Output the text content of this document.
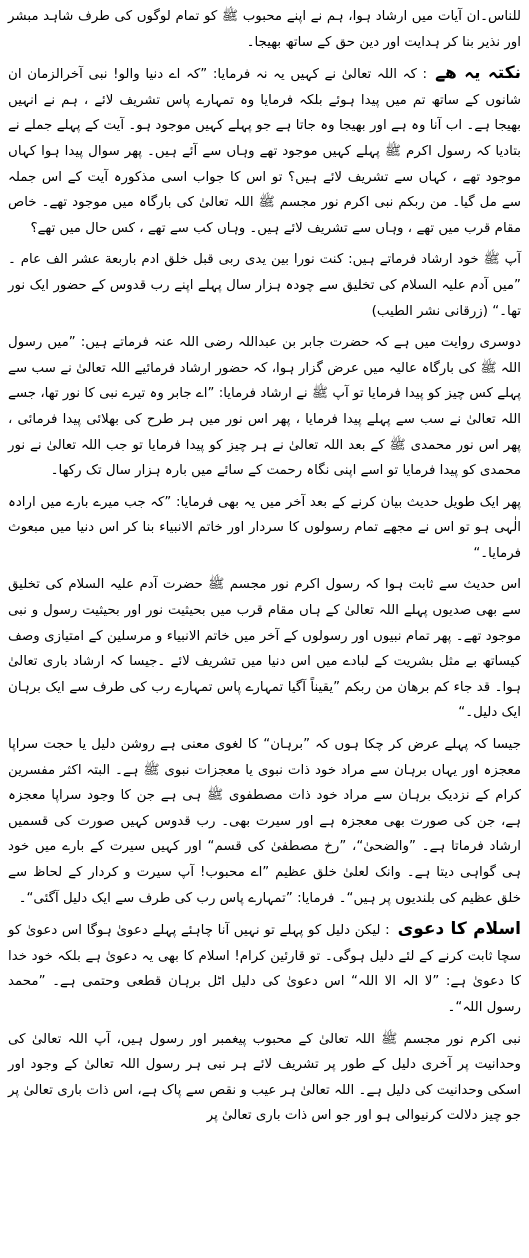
للناس۔ان آیات میں ارشاد ہوا، ہم نے اپنے محبوب ﷺ کو تمام لوگوں کی طرف شاہد مبشر اور نذیر بنا کر ہدایت اور دین حق کے ساتھ بھیجا۔

نکتہ یہ ھے: کہ اللہ تعالیٰ نے کہیں یہ نہ فرمایا: ”کہ اے دنیا والو! نبی آخرالزمان ان شانوں کے ساتھ تم میں پیدا ہوئے بلکہ فرمایا وہ تمہارے پاس تشریف لائے ، ہم نے انہیں بھیجا ہے۔ اب آنا وہ ہے اور بھیجا وہ جاتا ہے جو پہلے کہیں موجود ہو۔ آیت کے پہلے جملے نے بتادیا کہ رسول اکرم ﷺ پہلے کہیں موجود تھے وہاں سے آئے ہیں۔ پھر سوال پیدا ہوا کہاں موجود تھے ، کہاں سے تشریف لائے ہیں؟ تو اس کا جواب اسی مذکورہ آیت کے اس جملہ سے مل گیا۔ من ربکم نبی اکرم نور مجسم ﷺ اللہ تعالیٰ کی بارگاہ میں موجود تھے۔ خاص مقام قرب میں تھے ، وہاں سے تشریف لائے ہیں۔ وہاں کب سے تھے ، کس حال میں تھے؟

آپ ﷺ خود ارشاد فرماتے ہیں: كنت نورا بين يدى ربى قبل خلق ادم باربعة عشر الف عام ۔ ”میں آدم علیہ السلام کی تخلیق سے چودہ ہزار سال پہلے اپنے رب قدوس کے حضور ایک نور تھا۔“ (زرقانی نشر الطیب)

دوسری روایت میں ہے کہ حضرت جابر بن عبداللہ رضی اللہ عنہ فرماتے ہیں: ”میں رسول اللہ ﷺ کی بارگاہ عالیہ میں عرض گزار ہوا، کہ حضور ارشاد فرمائیے اللہ تعالیٰ نے سب سے پہلے کس چیز کو پیدا فرمایا تو آپ ﷺ نے ارشاد فرمایا: ”اے جابر وہ تیرے نبی کا نور تھا، جسے اللہ تعالیٰ نے سب سے پہلے پیدا فرمایا ، پھر اس نور میں ہر طرح کی بھلائی پیدا فرمائی ، پھر اس نور محمدی ﷺ کے بعد اللہ تعالیٰ نے ہر چیز کو پیدا فرمایا تو جب اللہ تعالیٰ نے نور محمدی کو پیدا فرمایا تو اسے اپنی نگاہ رحمت کے سائے میں بارہ ہزار سال تک رکھا۔

پھر ایک طویل حدیث بیان کرنے کے بعد آخر میں یہ بھی فرمایا: ”کہ جب میرے بارے میں ارادہ الٰہی ہو تو اس نے مجھے تمام رسولوں کا سردار اور خاتم الانبیاء بنا کر اس دنیا میں مبعوث فرمایا۔“

اس حدیث سے ثابت ہوا کہ رسول اکرم نور مجسم ﷺ حضرت آدم علیہ السلام کی تخلیق سے بھی صدیوں پہلے اللہ تعالیٰ کے ہاں مقام قرب میں بحیثیت نور اور بحیثیت رسول و نبی موجود تھے۔ پھر تمام نبیوں اور رسولوں کے آخر میں خاتم الانبیاء و مرسلین کے امتیازی وصف کیساتھ بے مثل بشریت کے لبادے میں اس دنیا میں تشریف لائے ۔جیسا کہ ارشاد باری تعالیٰ ہوا۔ قد جاء کم برهان من ربكم ”یقیناً آگیا تمہارے پاس تمہارے رب کی طرف سے ایک برہان ایک دلیل۔“

جیسا کہ پہلے عرض کر چکا ہوں کہ ”برہان“ کا لغوی معنی ہے روشن دلیل یا حجت سراپا معجزہ اور یہاں برہان سے مراد خود ذات نبوی یا معجزات نبوی ﷺ ہے۔ البتہ اکثر مفسرین کرام کے نزدیک برہان سے مراد خود ذات مصطفوی ﷺ ہی ہے جن کا وجود سراپا معجزہ ہے، جن کی صورت بھی معجزہ ہے اور سیرت بھی۔ رب قدوس کہیں صورت کی قسمیں ارشاد فرماتا ہے۔ ”والضحیٰ“، ”رخ مصطفیٰ کی قسم“ اور کہیں سیرت کے بارے میں خود ہی گواہی دیتا ہے۔ وانک لعلیٰ خلق عظیم ”اے محبوب! آپ سیرت و کردار کے لحاظ سے خلق عظیم کی بلندیوں پر ہیں“۔ فرمایا: ”تمہارے پاس رب کی طرف سے ایک دلیل آگئی“۔

اسلام کا دعوی: لیکن دلیل کو پہلے تو نہیں آنا چاہئے پہلے دعویٰ ہوگا اس دعویٰ کو سچا ثابت کرنے کے لئے دلیل ہوگی۔ تو قارئین کرام! اسلام کا بھی یہ دعویٰ ہے بلکہ خود خدا کا دعویٰ ہے: ”لا الہ الا اللہ“ اس دعویٰ کی دلیل اٹل برہان قطعی وحتمی ہے۔ ”محمد رسول اللہ“۔

نبی اکرم نور مجسم ﷺ اللہ تعالیٰ کے محبوب پیغمبر اور رسول ہیں، آپ اللہ تعالیٰ کی وحدانیت پر آخری دلیل کے طور پر تشریف لائے ہر نبی ہر رسول اللہ تعالیٰ کے وجود اور اسکی وحدانیت کی دلیل ہے۔ اللہ تعالیٰ ہر عیب و نقص سے پاک ہے، اس ذات باری تعالیٰ پر جو چیز دلالت کرنیوالی ہو اور جو اس ذات باری تعالیٰ پر
